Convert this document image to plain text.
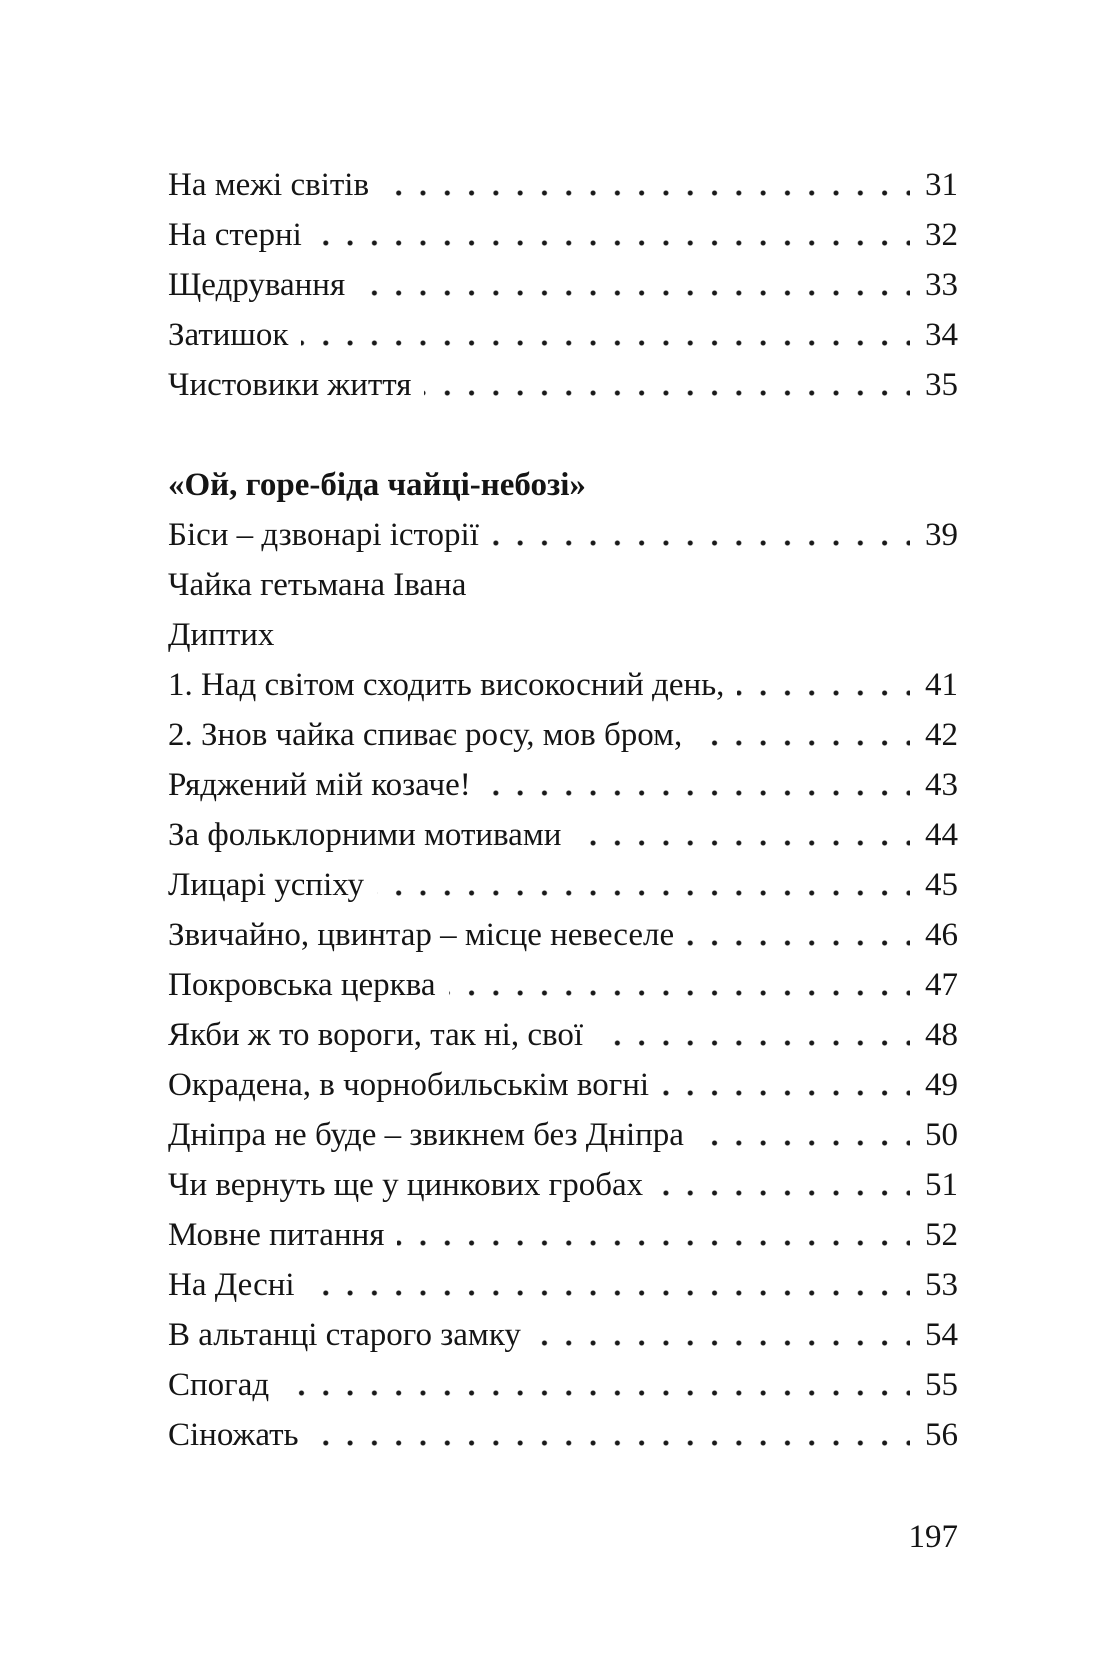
На межі світів	31
На стерні	32
Щедрування	33
Затишок	34
Чистовики життя	35
«Ой, горе-біда чайці-небозі»
Біси – дзвонарі історії	39
Чайка гетьмана Івана
Диптих
1. Над світом сходить високосний день,	41
2. Знов чайка спиває росу, мов бром,	42
Ряджений мій козаче!	43
За фольклорними мотивами	44
Лицарі успіху	45
Звичайно, цвинтар – місце невеселе	46
Покровська церква	47
Якби ж то вороги, так ні, свої	48
Окрадена, в чорнобильськім вогні	49
Дніпра не буде – звикнем без Дніпра	50
Чи вернуть ще у цинкових гробах	51
Мовне питання	52
На Десні	53
В альтанці старого замку	54
Спогад	55
Сіножать	56
197
